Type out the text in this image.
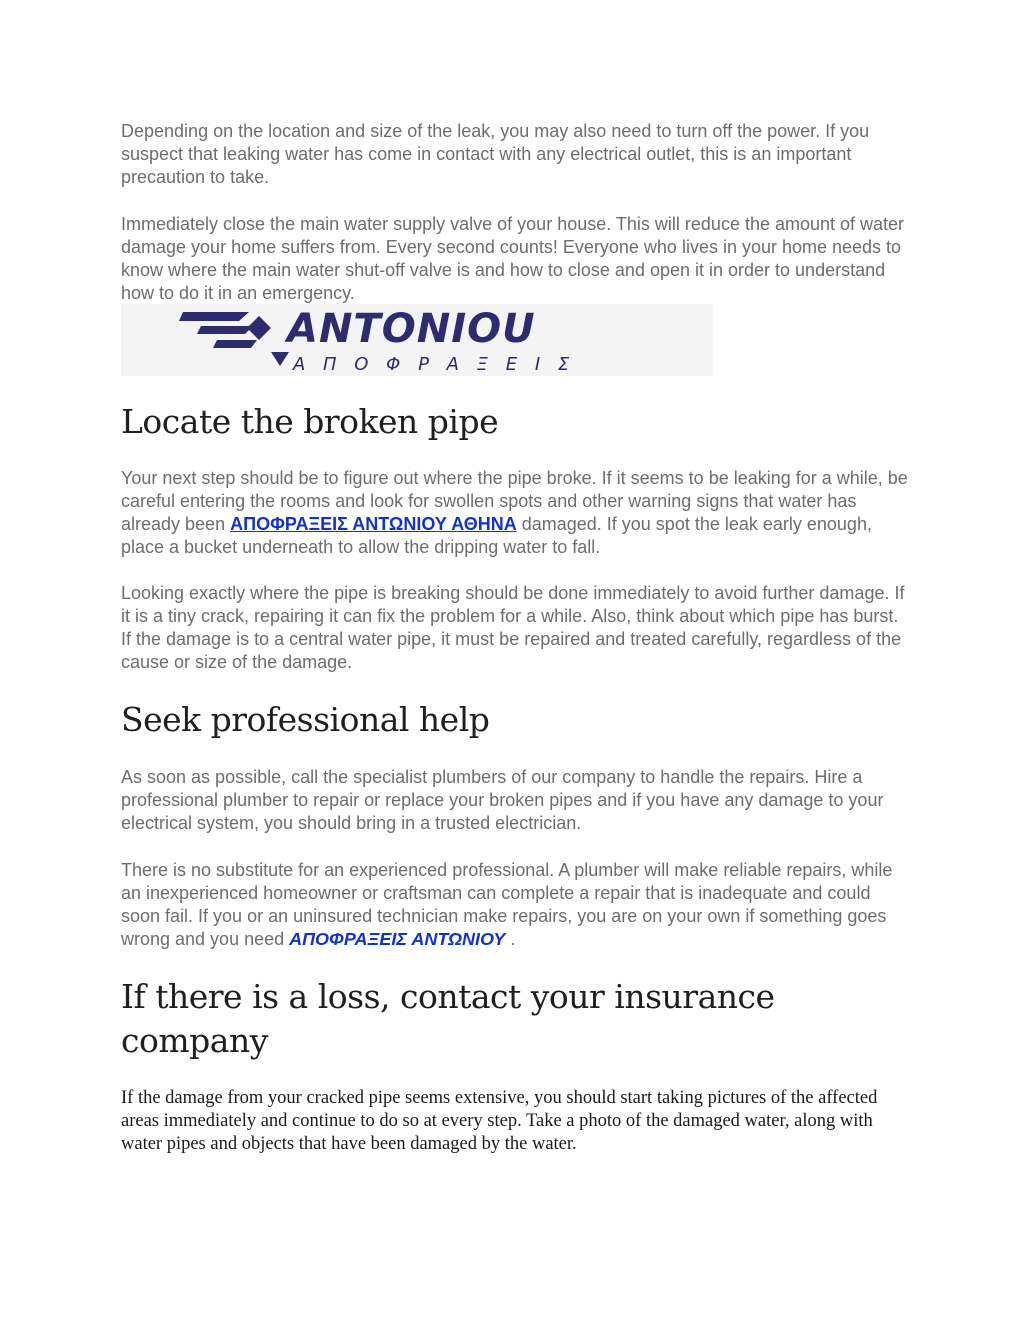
Depending on the location and size of the leak, you may also need to turn off the power. If you suspect that leaking water has come in contact with any electrical outlet, this is an important precaution to take.

Immediately close the main water supply valve of your house. This will reduce the amount of water damage your home suffers from. Every second counts! Everyone who lives in your home needs to know where the main water shut-off valve is and how to close and open it in order to understand how to do it in an emergency.

ANTONIOU
Α Π Ο Φ Ρ Α Ξ Ε Ι Σ
Locate the broken pipe

Your next step should be to figure out where the pipe broke. If it seems to be leaking for a while, be careful entering the rooms and look for swollen spots and other warning signs that water has already been ΑΠΟΦΡΑΞΕΙΣ ΑΝΤΩΝΙΟΥ ΑΘΗΝΑ damaged. If you spot the leak early enough, place a bucket underneath to allow the dripping water to fall.

Looking exactly where the pipe is breaking should be done immediately to avoid further damage. If it is a tiny crack, repairing it can fix the problem for a while. Also, think about which pipe has burst. If the damage is to a central water pipe, it must be repaired and treated carefully, regardless of the cause or size of the damage.

Seek professional help

As soon as possible, call the specialist plumbers of our company to handle the repairs. Hire a professional plumber to repair or replace your broken pipes and if you have any damage to your electrical system, you should bring in a trusted electrician.

There is no substitute for an experienced professional. A plumber will make reliable repairs, while an inexperienced homeowner or craftsman can complete a repair that is inadequate and could soon fail. If you or an uninsured technician make repairs, you are on your own if something goes wrong and you need ΑΠΟΦΡΑΞΕΙΣ ΑΝΤΩΝΙΟΥ .

If there is a loss, contact your insurance company

If the damage from your cracked pipe seems extensive, you should start taking pictures of the affected areas immediately and continue to do so at every step. Take a photo of the damaged water, along with water pipes and objects that have been damaged by the water.
